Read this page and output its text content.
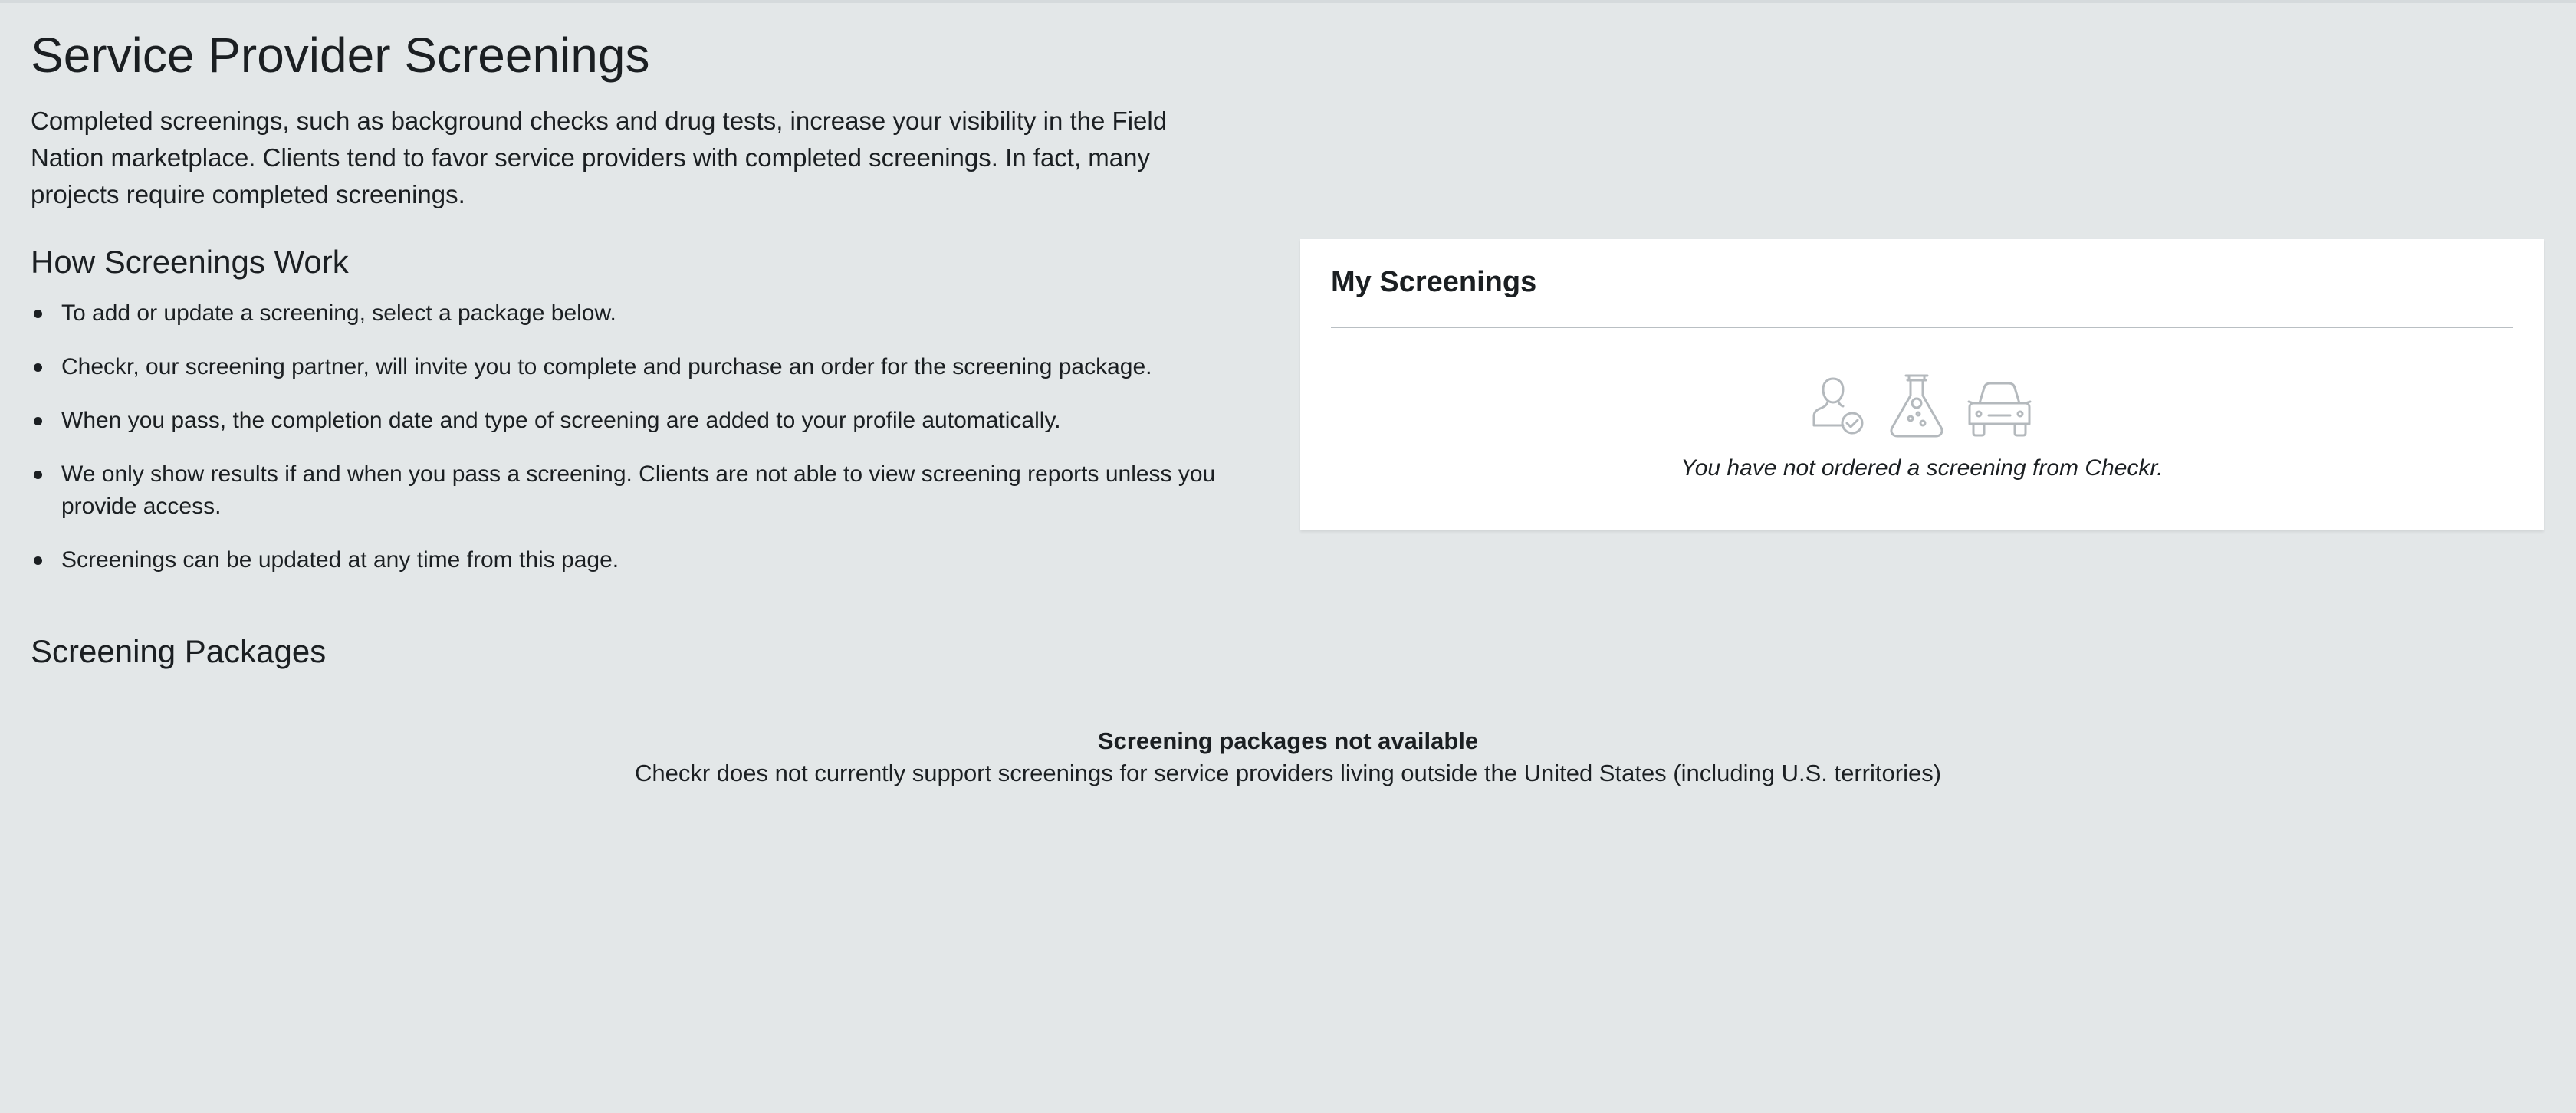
Service Provider Screenings

Completed screenings, such as background checks and drug tests, increase your visibility in the Field Nation marketplace. Clients tend to favor service providers with completed screenings. In fact, many projects require completed screenings.

How Screenings Work
To add or update a screening, select a package below.
Checkr, our screening partner, will invite you to complete and purchase an order for the screening package.
When you pass, the completion date and type of screening are added to your profile automatically.
We only show results if and when you pass a screening. Clients are not able to view screening reports unless you provide access.
Screenings can be updated at any time from this page.
Screening Packages
Screening packages not available
Checkr does not currently support screenings for service providers living outside the United States (including U.S. territories)
My Screenings
You have not ordered a screening from Checkr.
